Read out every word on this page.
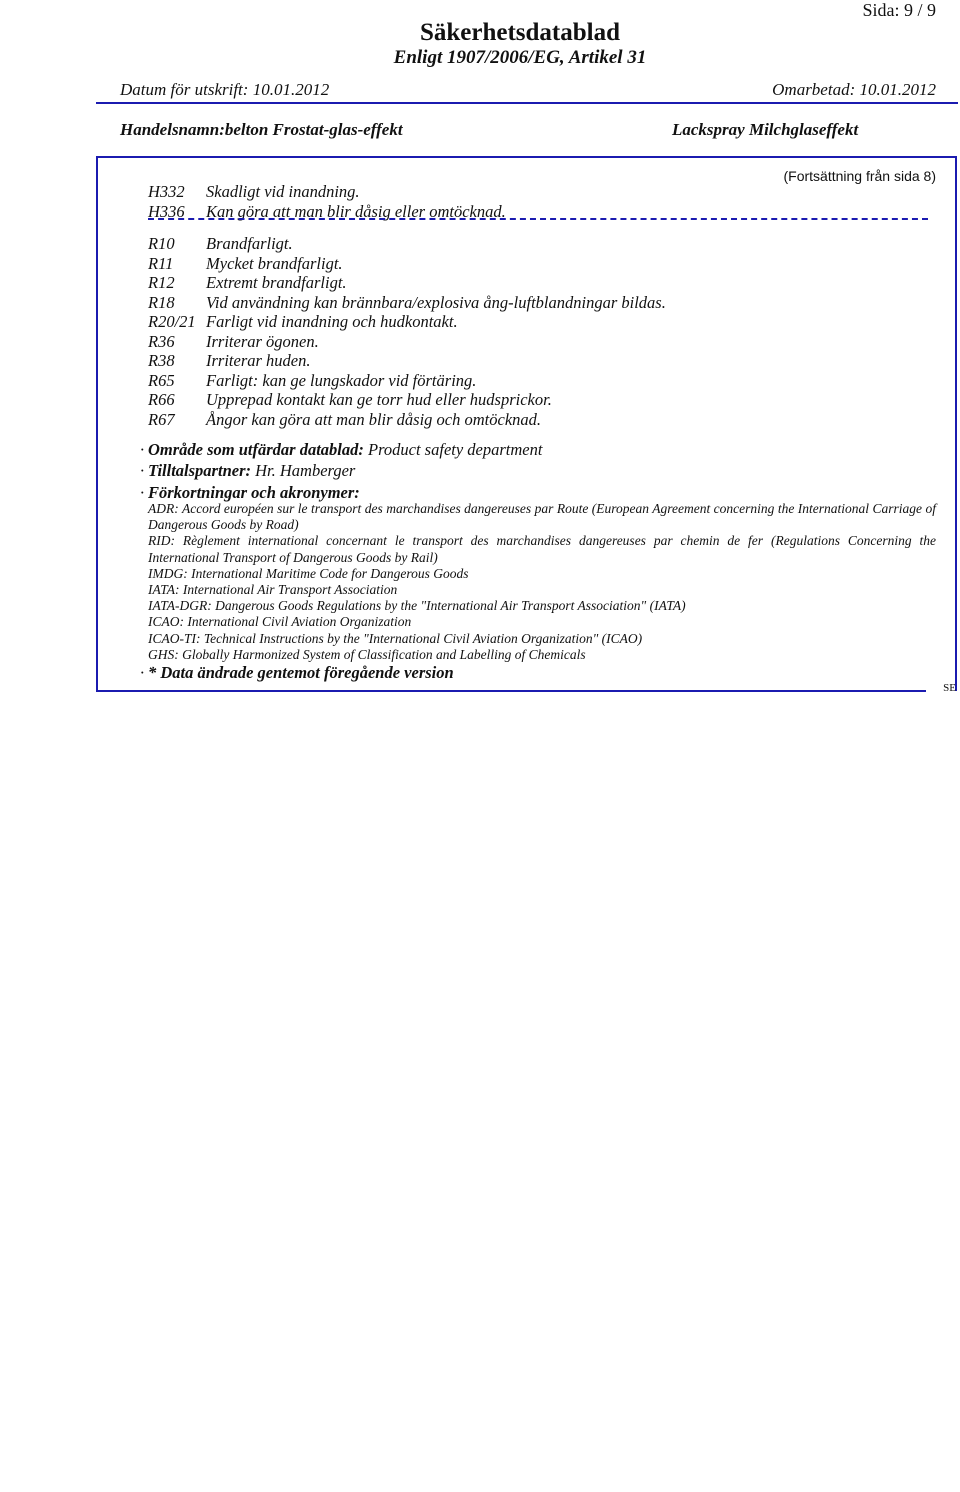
Sida: 9 / 9
Säkerhetsdatablad
Enligt 1907/2006/EG, Artikel 31
Datum för utskrift: 10.01.2012	Omarbetad: 10.01.2012
Handelsnamn:belton Frostat-glas-effekt	Lackspray Milchglaseffekt
(Fortsättning från sida 8)
H332 Skadligt vid inandning.
H336 Kan göra att man blir dåsig eller omtöcknad.
R10 Brandfarligt.
R11 Mycket brandfarligt.
R12 Extremt brandfarligt.
R18 Vid användning kan brännbara/explosiva ång-luftblandningar bildas.
R20/21 Farligt vid inandning och hudkontakt.
R36 Irriterar ögonen.
R38 Irriterar huden.
R65 Farligt: kan ge lungskador vid förtäring.
R66 Upprepad kontakt kan ge torr hud eller hudsprickor.
R67 Ångor kan göra att man blir dåsig och omtöcknad.
· Område som utfärdar datablad: Product safety department
· Tilltalspartner: Hr. Hamberger
· Förkortningar och akronymer:
ADR: Accord européen sur le transport des marchandises dangereuses par Route (European Agreement concerning the International Carriage of Dangerous Goods by Road)
RID: Règlement international concernant le transport des marchandises dangereuses par chemin de fer (Regulations Concerning the International Transport of Dangerous Goods by Rail)
IMDG: International Maritime Code for Dangerous Goods
IATA: International Air Transport Association
IATA-DGR: Dangerous Goods Regulations by the "International Air Transport Association" (IATA)
ICAO: International Civil Aviation Organization
ICAO-TI: Technical Instructions by the "International Civil Aviation Organization" (ICAO)
GHS: Globally Harmonized System of Classification and Labelling of Chemicals
· * Data ändrade gentemot föregående version
SE
